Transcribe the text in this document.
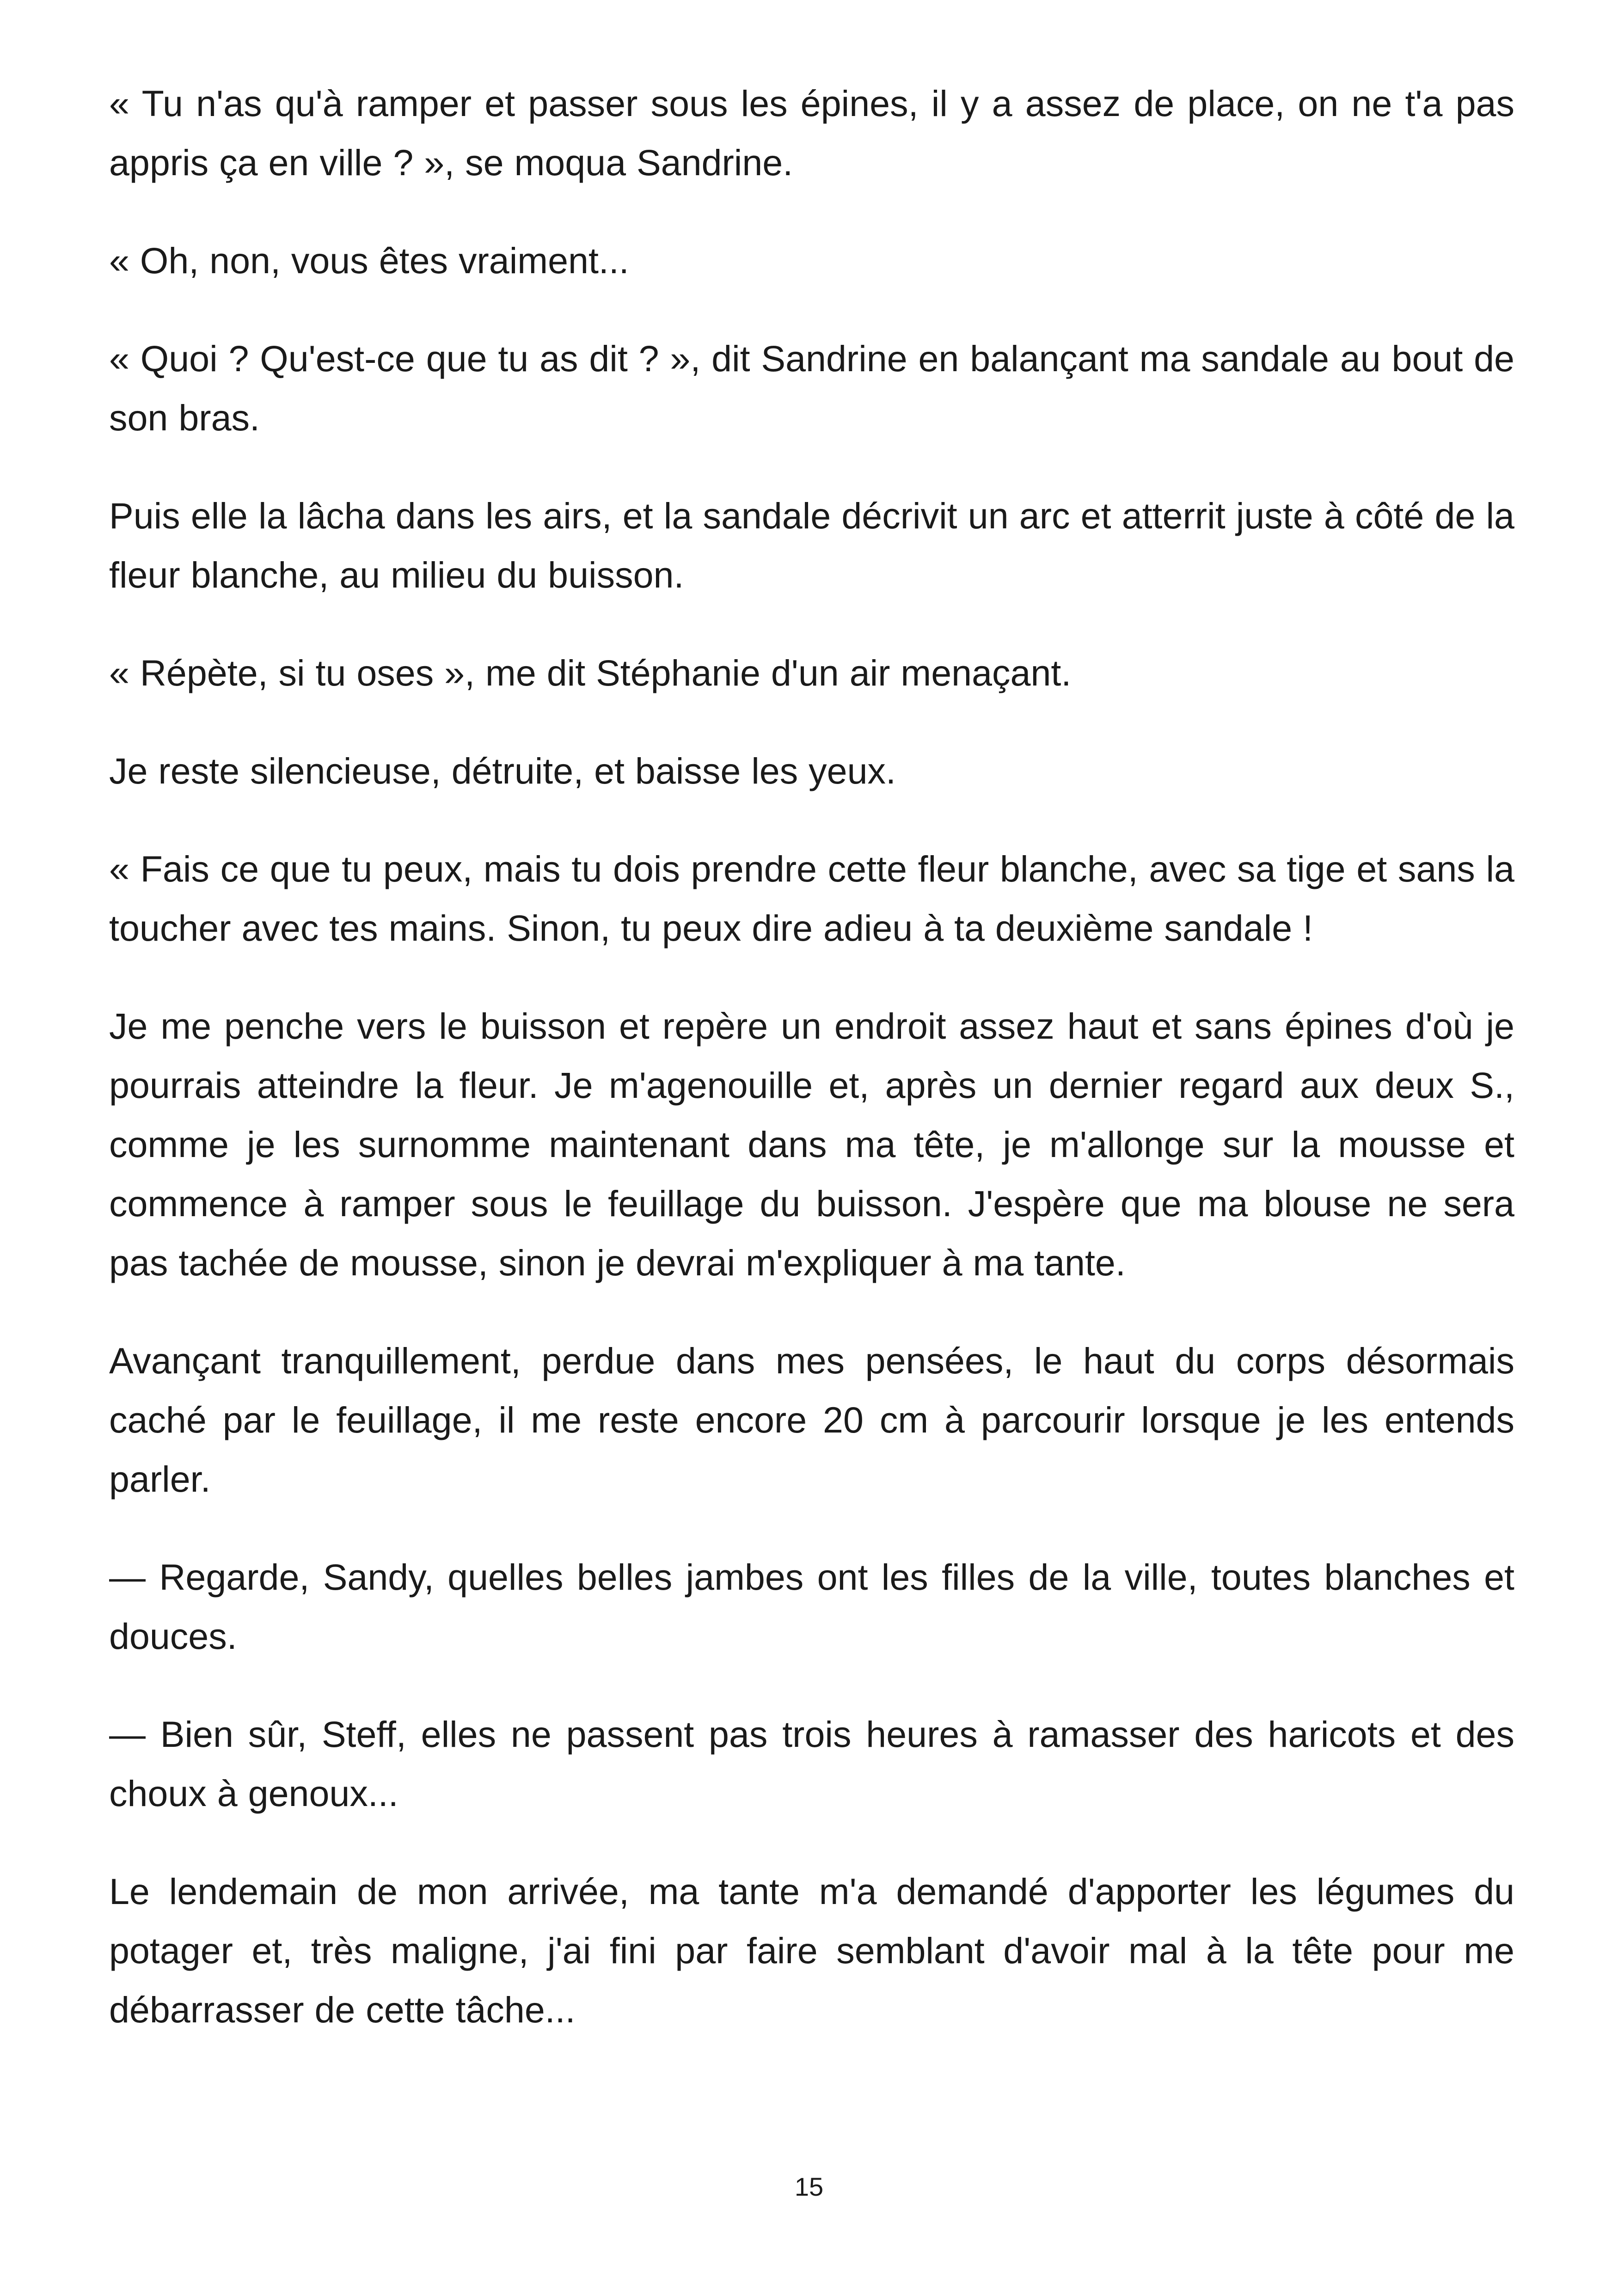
« Tu n'as qu'à ramper et passer sous les épines, il y a assez de place, on ne t'a pas appris ça en ville ? », se moqua Sandrine.

« Oh, non, vous êtes vraiment...

« Quoi ? Qu'est-ce que tu as dit ? », dit Sandrine en balançant ma sandale au bout de son bras.

Puis elle la lâcha dans les airs, et la sandale décrivit un arc et atterrit juste à côté de la fleur blanche, au milieu du buisson.

« Répète, si tu oses », me dit Stéphanie d'un air menaçant.

Je reste silencieuse, détruite, et baisse les yeux.

« Fais ce que tu peux, mais tu dois prendre cette fleur blanche, avec sa tige et sans la toucher avec tes mains. Sinon, tu peux dire adieu à ta deuxième sandale !

Je me penche vers le buisson et repère un endroit assez haut et sans épines d'où je pourrais atteindre la fleur. Je m'agenouille et, après un dernier regard aux deux S., comme je les surnomme maintenant dans ma tête, je m'allonge sur la mousse et commence à ramper sous le feuillage du buisson. J'espère que ma blouse ne sera pas tachée de mousse, sinon je devrai m'expliquer à ma tante.

Avançant tranquillement, perdue dans mes pensées, le haut du corps désormais caché par le feuillage, il me reste encore 20 cm à parcourir lorsque je les entends parler.

— Regarde, Sandy, quelles belles jambes ont les filles de la ville, toutes blanches et douces.

— Bien sûr, Steff, elles ne passent pas trois heures à ramasser des haricots et des choux à genoux...

Le lendemain de mon arrivée, ma tante m'a demandé d'apporter les légumes du potager et, très maligne, j'ai fini par faire semblant d'avoir mal à la tête pour me débarrasser de cette tâche...

15
